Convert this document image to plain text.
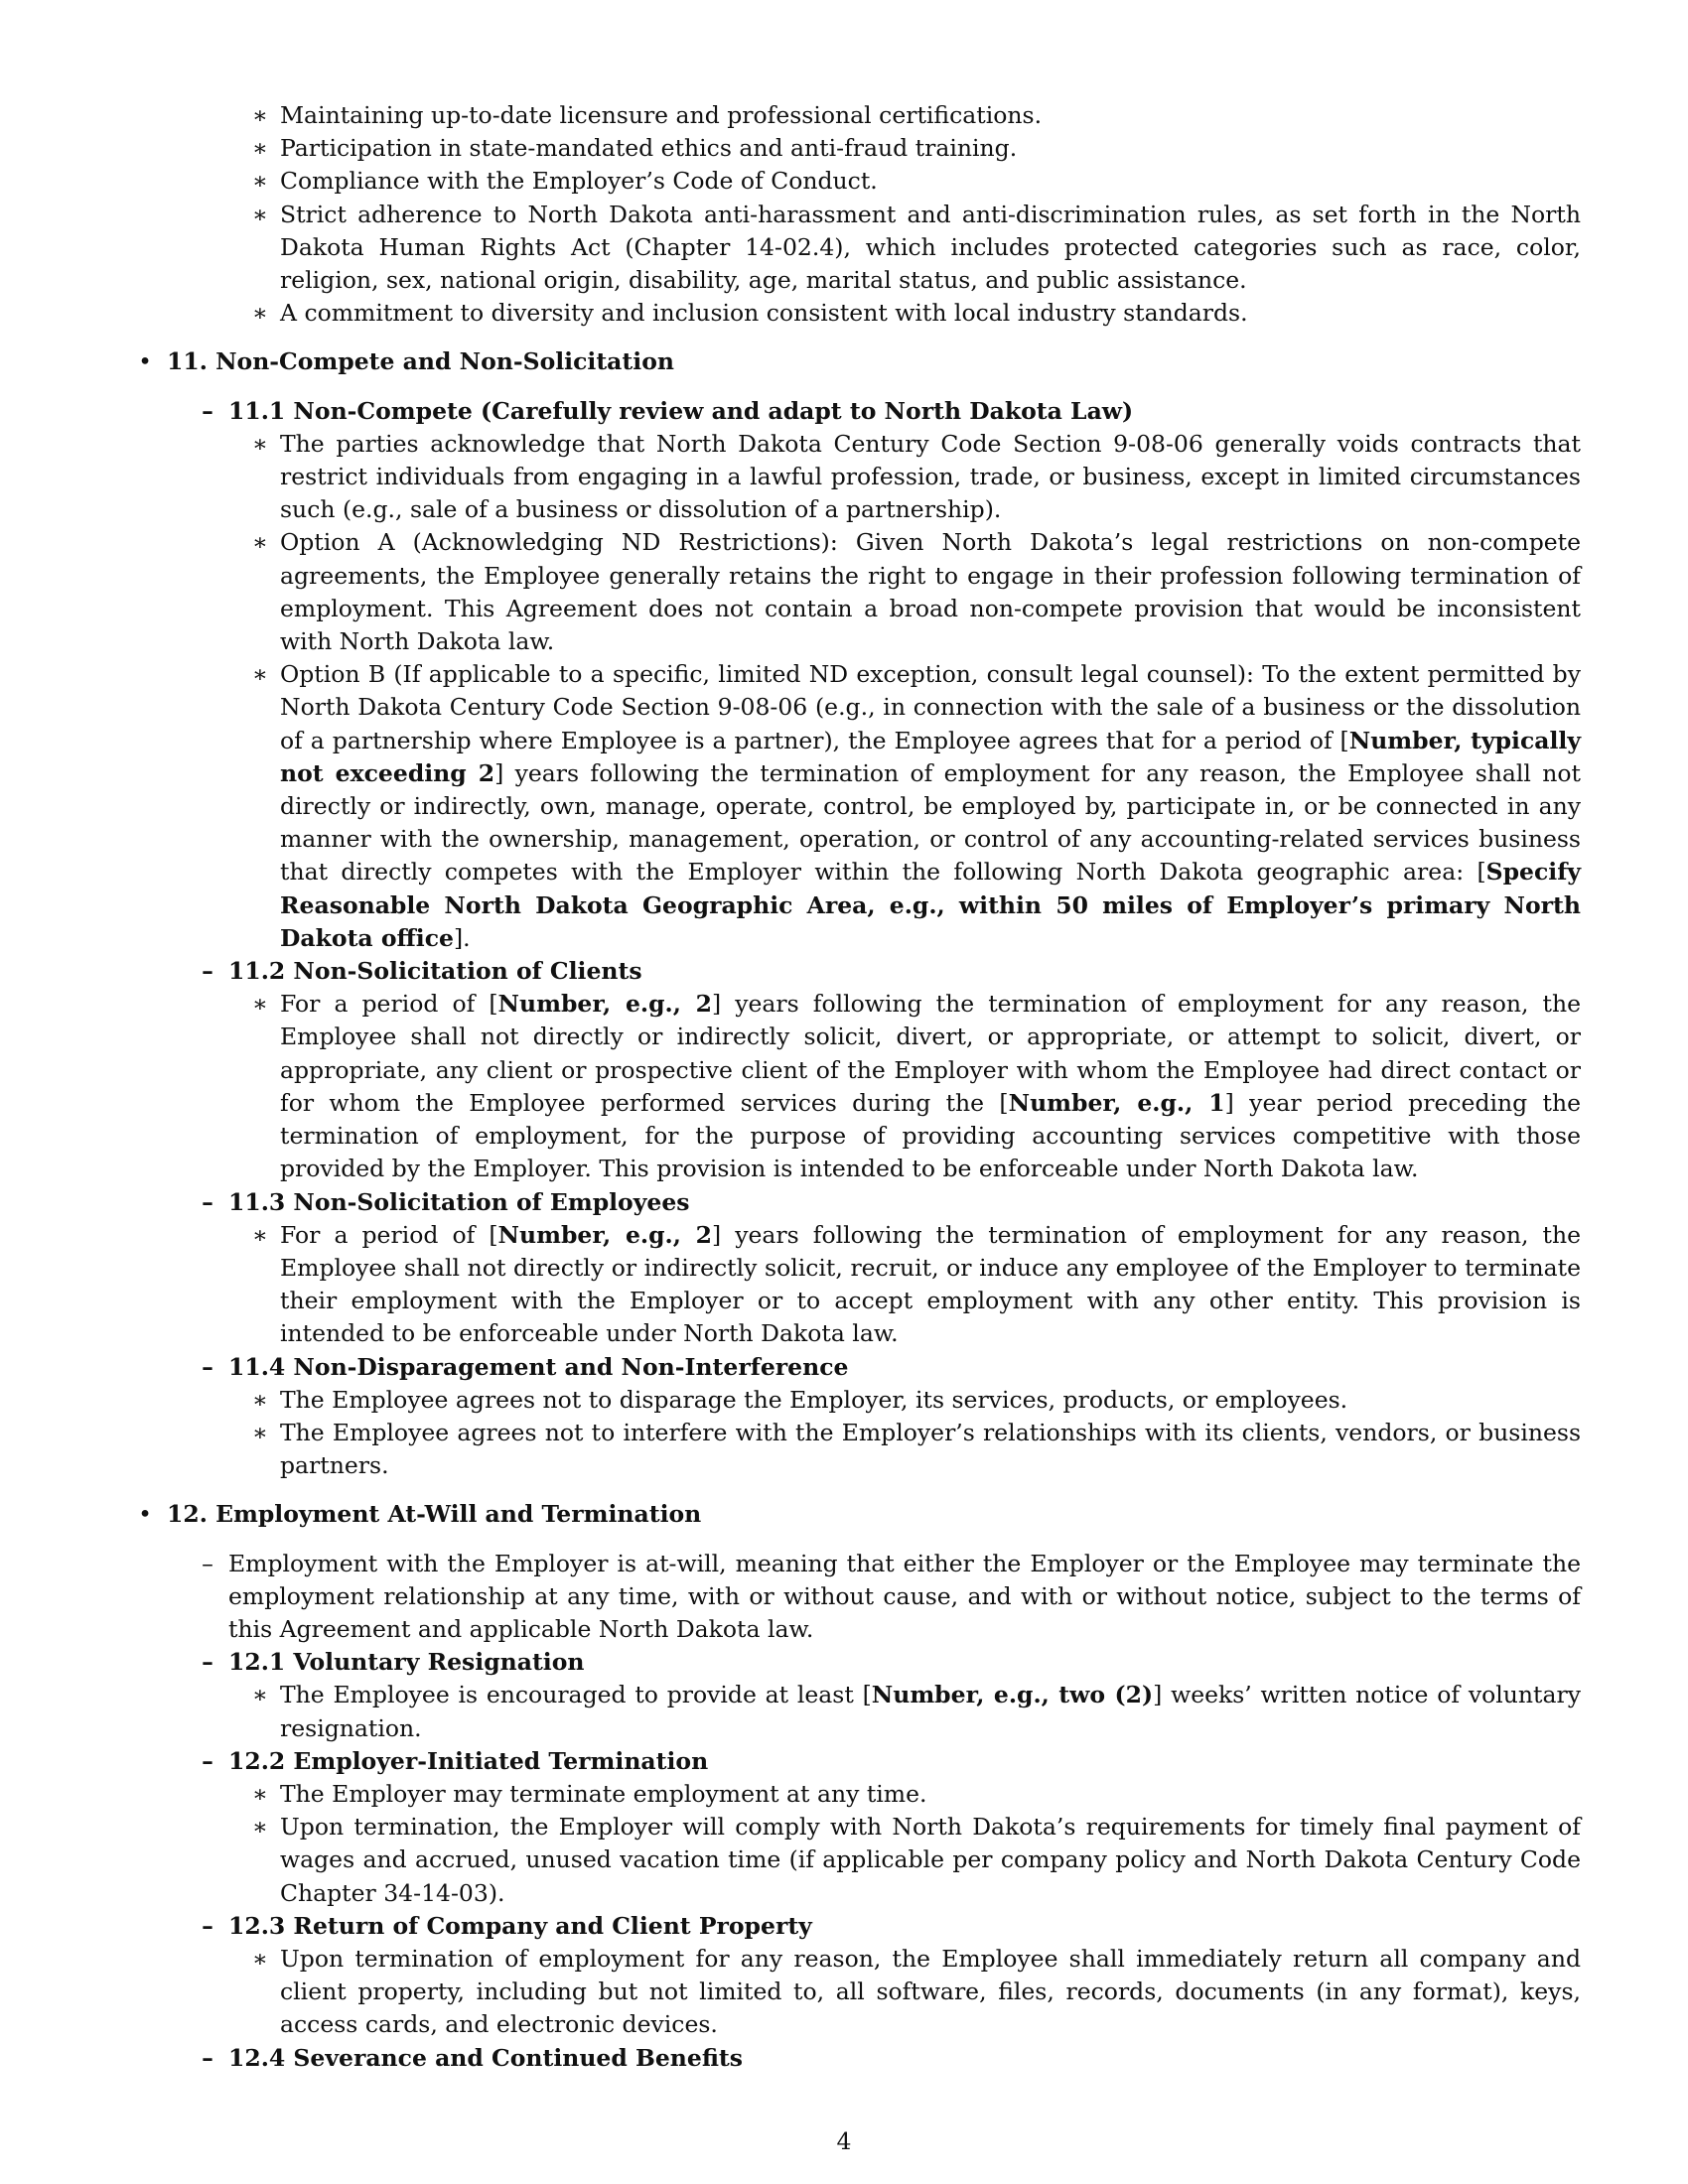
∗ Maintaining up-to-date licensure and professional certifications.

∗ Participation in state-mandated ethics and anti-fraud training.

∗ Compliance with the Employer’s Code of Conduct.

∗ Strict adherence to North Dakota anti-harassment and anti-discrimination rules, as set forth in the North Dakota Human Rights Act (Chapter 14-02.4), which includes protected categories such as race, color, religion, sex, national origin, disability, age, marital status, and public assistance.

∗ A commitment to diversity and inclusion consistent with local industry standards.

• 11. Non-Compete and Non-Solicitation

– 11.1 Non-Compete (Carefully review and adapt to North Dakota Law)

∗ The parties acknowledge that North Dakota Century Code Section 9-08-06 generally voids contracts that restrict individuals from engaging in a lawful profession, trade, or business, except in limited circumstances such (e.g., sale of a business or dissolution of a partnership).

∗ Option A (Acknowledging ND Restrictions): Given North Dakota’s legal restrictions on non-compete agreements, the Employee generally retains the right to engage in their profession following termination of employment. This Agreement does not contain a broad non-compete provision that would be inconsistent with North Dakota law.

∗ Option B (If applicable to a specific, limited ND exception, consult legal counsel): To the extent permitted by North Dakota Century Code Section 9-08-06 (e.g., in connection with the sale of a business or the dissolution of a partnership where Employee is a partner), the Employee agrees that for a period of [Number, typically not exceeding 2] years following the termination of employment for any reason, the Employee shall not directly or indirectly, own, manage, operate, control, be employed by, participate in, or be connected in any manner with the ownership, management, operation, or control of any accounting-related services business that directly competes with the Employer within the following North Dakota geographic area: [Specify Reasonable North Dakota Geographic Area, e.g., within 50 miles of Employer’s primary North Dakota office].

– 11.2 Non-Solicitation of Clients

∗ For a period of [Number, e.g., 2] years following the termination of employment for any reason, the Employee shall not directly or indirectly solicit, divert, or appropriate, or attempt to solicit, divert, or appropriate, any client or prospective client of the Employer with whom the Employee had direct contact or for whom the Employee performed services during the [Number, e.g., 1] year period preceding the termination of employment, for the purpose of providing accounting services competitive with those provided by the Employer. This provision is intended to be enforceable under North Dakota law.

– 11.3 Non-Solicitation of Employees

∗ For a period of [Number, e.g., 2] years following the termination of employment for any reason, the Employee shall not directly or indirectly solicit, recruit, or induce any employee of the Employer to terminate their employment with the Employer or to accept employment with any other entity. This provision is intended to be enforceable under North Dakota law.

– 11.4 Non-Disparagement and Non-Interference

∗ The Employee agrees not to disparage the Employer, its services, products, or employees.

∗ The Employee agrees not to interfere with the Employer’s relationships with its clients, vendors, or business partners.

• 12. Employment At-Will and Termination

– Employment with the Employer is at-will, meaning that either the Employer or the Employee may terminate the employment relationship at any time, with or without cause, and with or without notice, subject to the terms of this Agreement and applicable North Dakota law.

– 12.1 Voluntary Resignation

∗ The Employee is encouraged to provide at least [Number, e.g., two (2)] weeks’ written notice of voluntary resignation.

– 12.2 Employer-Initiated Termination

∗ The Employer may terminate employment at any time.

∗ Upon termination, the Employer will comply with North Dakota’s requirements for timely final payment of wages and accrued, unused vacation time (if applicable per company policy and North Dakota Century Code Chapter 34-14-03).

– 12.3 Return of Company and Client Property

∗ Upon termination of employment for any reason, the Employee shall immediately return all company and client property, including but not limited to, all software, files, records, documents (in any format), keys, access cards, and electronic devices.

– 12.4 Severance and Continued Benefits

4
